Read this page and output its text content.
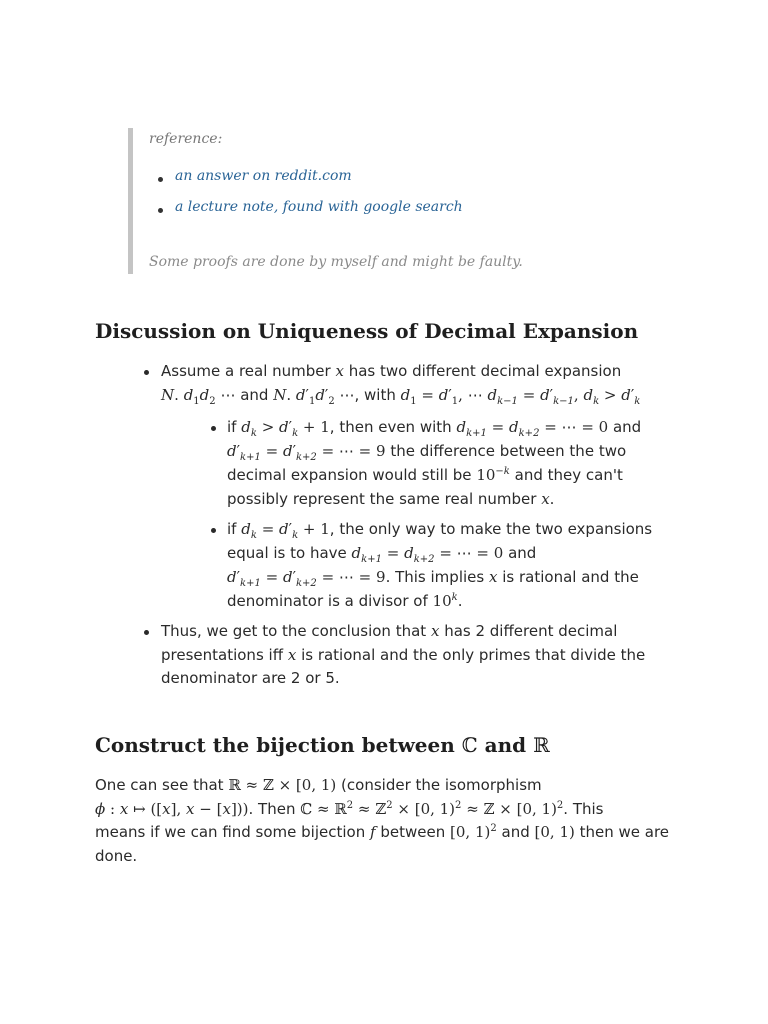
reference:
an answer on reddit.com
a lecture note, found with google search
Some proofs are done by myself and might be faulty.
Discussion on Uniqueness of Decimal Expansion
Assume a real number x has two different decimal expansion
N. $d_1d_2$ ⋯ and N. $d'_1d'_2$ ⋯, with $d_1 = d'_1$, ⋯ $d_{k-1} = d'_{k-1}$, $d_k > d'_k$
if $d_k > d'_k + 1$, then even with $d_{k+1} = d_{k+2}$ = ⋯ = 0 and
$d'_{k+1} = d'_{k+2}$ = ⋯ = 9 the difference between the two
decimal expansion would still be $10^{-k}$ and they can't
possibly represent the same real number x.
if $d_k = d'_k + 1$, the only way to make the two expansions
equal is to have $d_{k+1} = d_{k+2}$ = ⋯ = 0 and
$d'_{k+1} = d'_{k+2}$ = ⋯ = 9. This implies x is rational and the
denominator is a divisor of 10$^k$.
Thus, we get to the conclusion that x has 2 different decimal
presentations iff x is rational and the only primes that divide the
denominator are 2 or 5.
Construct the bijection between ℂ and ℝ
One can see that ℝ ≈ ℤ × [0, 1) (consider the isomorphism
ϕ : x ↦ ([x], x − [x])). Then ℂ ≈ ℝ$^2$ ≈ ℤ$^2$ × [0, 1)$^2$ ≈ ℤ × [0, 1)$^2$. This
means if we can find some bijection f between [0, 1)$^2$ and [0, 1) then we are
done.
